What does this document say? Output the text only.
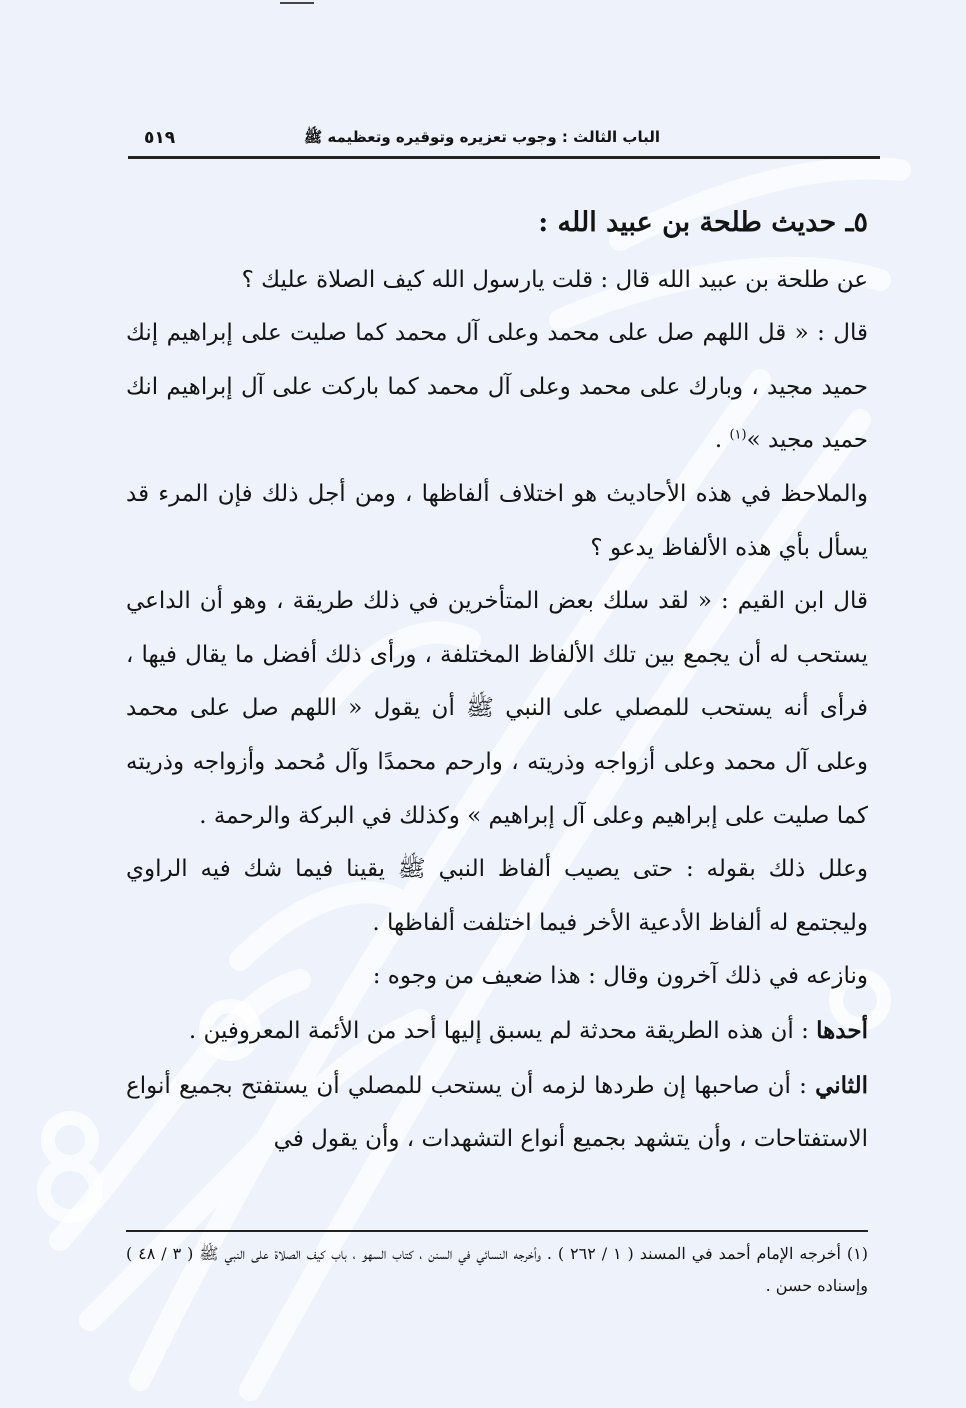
٥١٩	الباب الثالث : وجوب تعزيره وتوقيره وتعظيمه ﷺ

٥ـ حديث طلحة بن عبيد الله :

عن طلحة بن عبيد الله قال : قلت يارسول الله كيف الصلاة عليك ؟

قال : « قل اللهم صل على محمد وعلى آل محمد كما صليت على إبراهيم إنك حميد مجيد ، وبارك على محمد وعلى آل محمد كما باركت على آل إبراهيم انك حميد مجيد »$^{(١)}$ .

والملاحظ في هذه الأحاديث هو اختلاف ألفاظها ، ومن أجل ذلك فإن المرء قد يسأل بأي هذه الألفاظ يدعو ؟

قال ابن القيم : « لقد سلك بعض المتأخرين في ذلك طريقة ، وهو أن الداعي يستحب له أن يجمع بين تلك الألفاظ المختلفة ، ورأى ذلك أفضل ما يقال فيها ، فرأى أنه يستحب للمصلي على النبي ﷺ أن يقول « اللهم صل على محمد وعلى آل محمد وعلى أزواجه وذريته ، وارحم محمدًا وآل مُحمد وأزواجه وذريته كما صليت على إبراهيم وعلى آل إبراهيم » وكذلك في البركة والرحمة .

وعلل ذلك بقوله : حتى يصيب ألفاظ النبي ﷺ يقينا فيما شك فيه الراوي وليجتمع له ألفاظ الأدعية الأخر فيما اختلفت ألفاظها .

ونازعه في ذلك آخرون وقال : هذا ضعيف من وجوه :

أحدها : أن هذه الطريقة محدثة لم يسبق إليها أحد من الأئمة المعروفين .

الثاني : أن صاحبها إن طردها لزمه أن يستحب للمصلي أن يستفتح بجميع أنواع الاستفتاحات ، وأن يتشهد بجميع أنواع التشهدات ، وأن يقول في

(١) أخرجه الإمام أحمد في المسند ( ١ / ٢٦٢ ) . وأخرجه النسائي في السنن ، كتاب السهو ، باب كيف الصلاة على النبي ﷺ ( ٣ / ٤٨ ) وإسناده حسن .
